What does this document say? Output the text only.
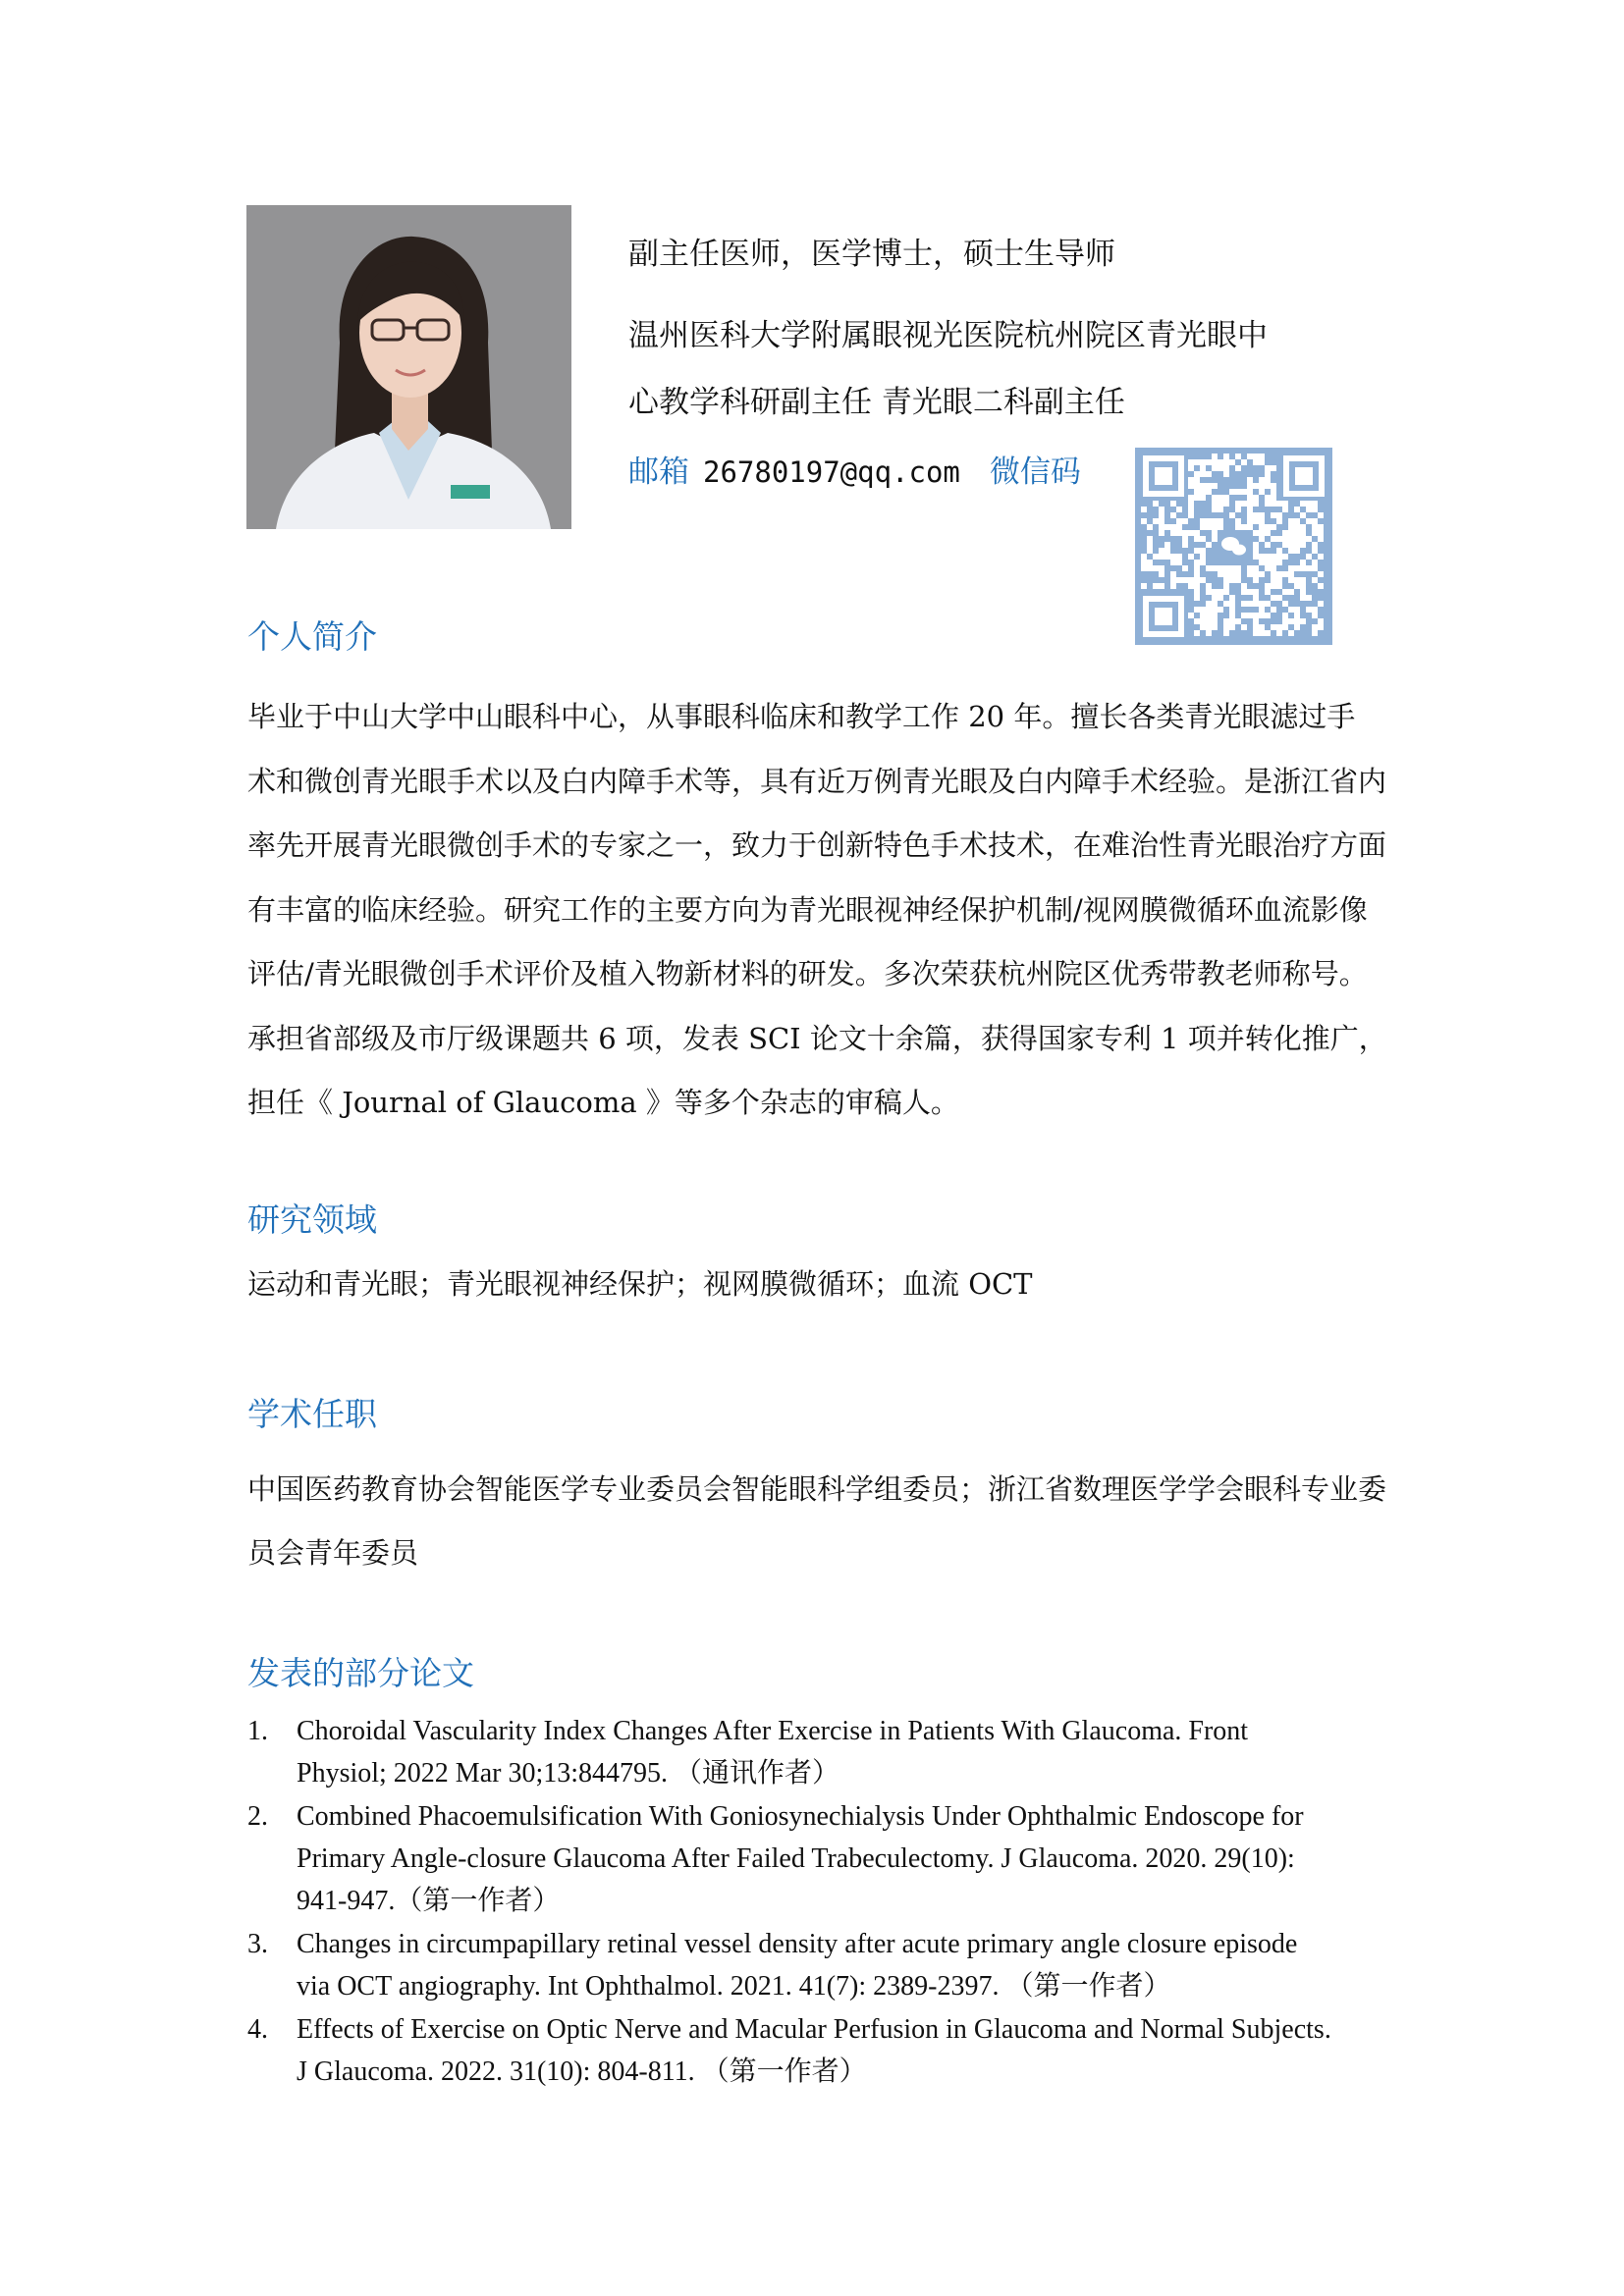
副主任医师，医学博士，硕士生导师
温州医科大学附属眼视光医院杭州院区青光眼中
心教学科研副主任 青光眼二科副主任
邮箱 26780197@qq.com 微信码
个人简介
毕业于中山大学中山眼科中心，从事眼科临床和教学工作 20 年。擅长各类青光眼滤过手
术和微创青光眼手术以及白内障手术等，具有近万例青光眼及白内障手术经验。是浙江省内
率先开展青光眼微创手术的专家之一，致力于创新特色手术技术，在难治性青光眼治疗方面
有丰富的临床经验。研究工作的主要方向为青光眼视神经保护机制/视网膜微循环血流影像
评估/青光眼微创手术评价及植入物新材料的研发。多次荣获杭州院区优秀带教老师称号。
承担省部级及市厅级课题共 6 项，发表 SCI 论文十余篇，获得国家专利 1 项并转化推广，
担任《 Journal of Glaucoma 》等多个杂志的审稿人。
研究领域
运动和青光眼；青光眼视神经保护；视网膜微循环；血流 OCT
学术任职
中国医药教育协会智能医学专业委员会智能眼科学组委员；浙江省数理医学学会眼科专业委
员会青年委员
发表的部分论文
1. Choroidal Vascularity Index Changes After Exercise in Patients With Glaucoma. Front
Physiol; 2022 Mar 30;13:844795. （通讯作者）
2. Combined Phacoemulsification With Goniosynechialysis Under Ophthalmic Endoscope for
Primary Angle-closure Glaucoma After Failed Trabeculectomy. J Glaucoma. 2020. 29(10):
941-947.（第一作者）
3. Changes in circumpapillary retinal vessel density after acute primary angle closure episode
via OCT angiography. Int Ophthalmol. 2021. 41(7): 2389-2397. （第一作者）
4. Effects of Exercise on Optic Nerve and Macular Perfusion in Glaucoma and Normal Subjects.
J Glaucoma. 2022. 31(10): 804-811. （第一作者）
